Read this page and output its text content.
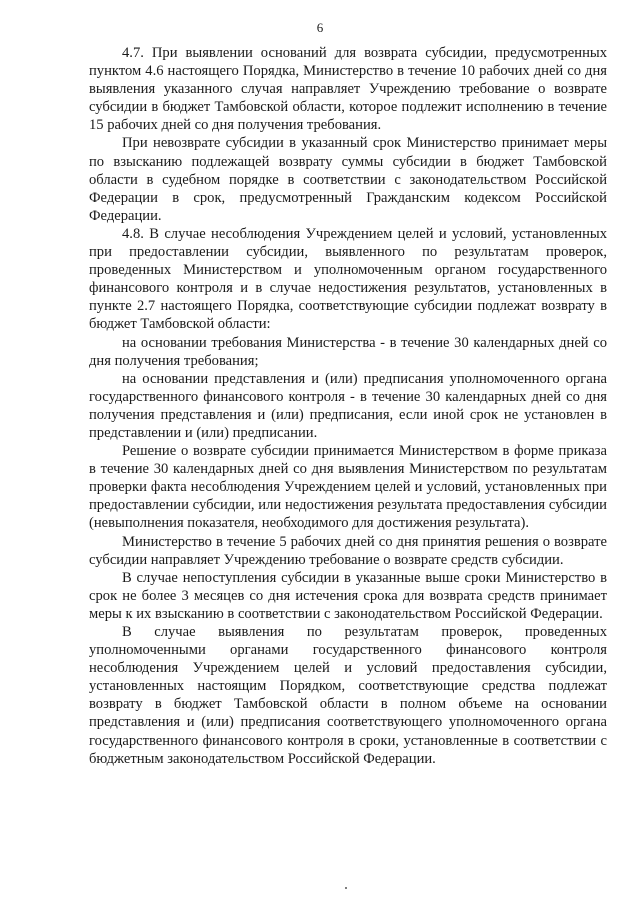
6

4.7. При выявлении оснований для возврата субсидии, предусмотренных пунктом 4.6 настоящего Порядка, Министерство в течение 10 рабочих дней со дня выявления указанного случая направляет Учреждению требование о возврате субсидии в бюджет Тамбовской области, которое подлежит исполнению в течение 15 рабочих дней со дня получения требования.

При невозврате субсидии в указанный срок Министерство принимает меры по взысканию подлежащей возврату суммы субсидии в бюджет Тамбовской области в судебном порядке в соответствии с законодательством Российской Федерации в срок, предусмотренный Гражданским кодексом Российской Федерации.

4.8. В случае несоблюдения Учреждением целей и условий, установленных при предоставлении субсидии, выявленного по результатам проверок, проведенных Министерством и уполномоченным органом государственного финансового контроля и в случае недостижения результатов, установленных в пункте 2.7 настоящего Порядка, соответствующие субсидии подлежат возврату в бюджет Тамбовской области:

на основании требования Министерства - в течение 30 календарных дней со дня получения требования;

на основании представления и (или) предписания уполномоченного органа государственного финансового контроля - в течение 30 календарных дней со дня получения представления и (или) предписания, если иной срок не установлен в представлении и (или) предписании.

Решение о возврате субсидии принимается Министерством в форме приказа в течение 30 календарных дней со дня выявления Министерством по результатам проверки факта несоблюдения Учреждением целей и условий, установленных при предоставлении субсидии, или недостижения результата предоставления субсидии (невыполнения показателя, необходимого для достижения результата).

Министерство в течение 5 рабочих дней со дня принятия решения о возврате субсидии направляет Учреждению требование о возврате средств субсидии.

В случае непоступления субсидии в указанные выше сроки Министерство в срок не более 3 месяцев со дня истечения срока для возврата средств принимает меры к их взысканию в соответствии с законодательством Российской Федерации.

В случае выявления по результатам проверок, проведенных уполномоченными органами государственного финансового контроля несоблюдения Учреждением целей и условий предоставления субсидии, установленных настоящим Порядком, соответствующие средства подлежат возврату в бюджет Тамбовской области в полном объеме на основании представления и (или) предписания соответствующего уполномоченного органа государственного финансового контроля в сроки, установленные в соответствии с бюджетным законодательством Российской Федерации.
